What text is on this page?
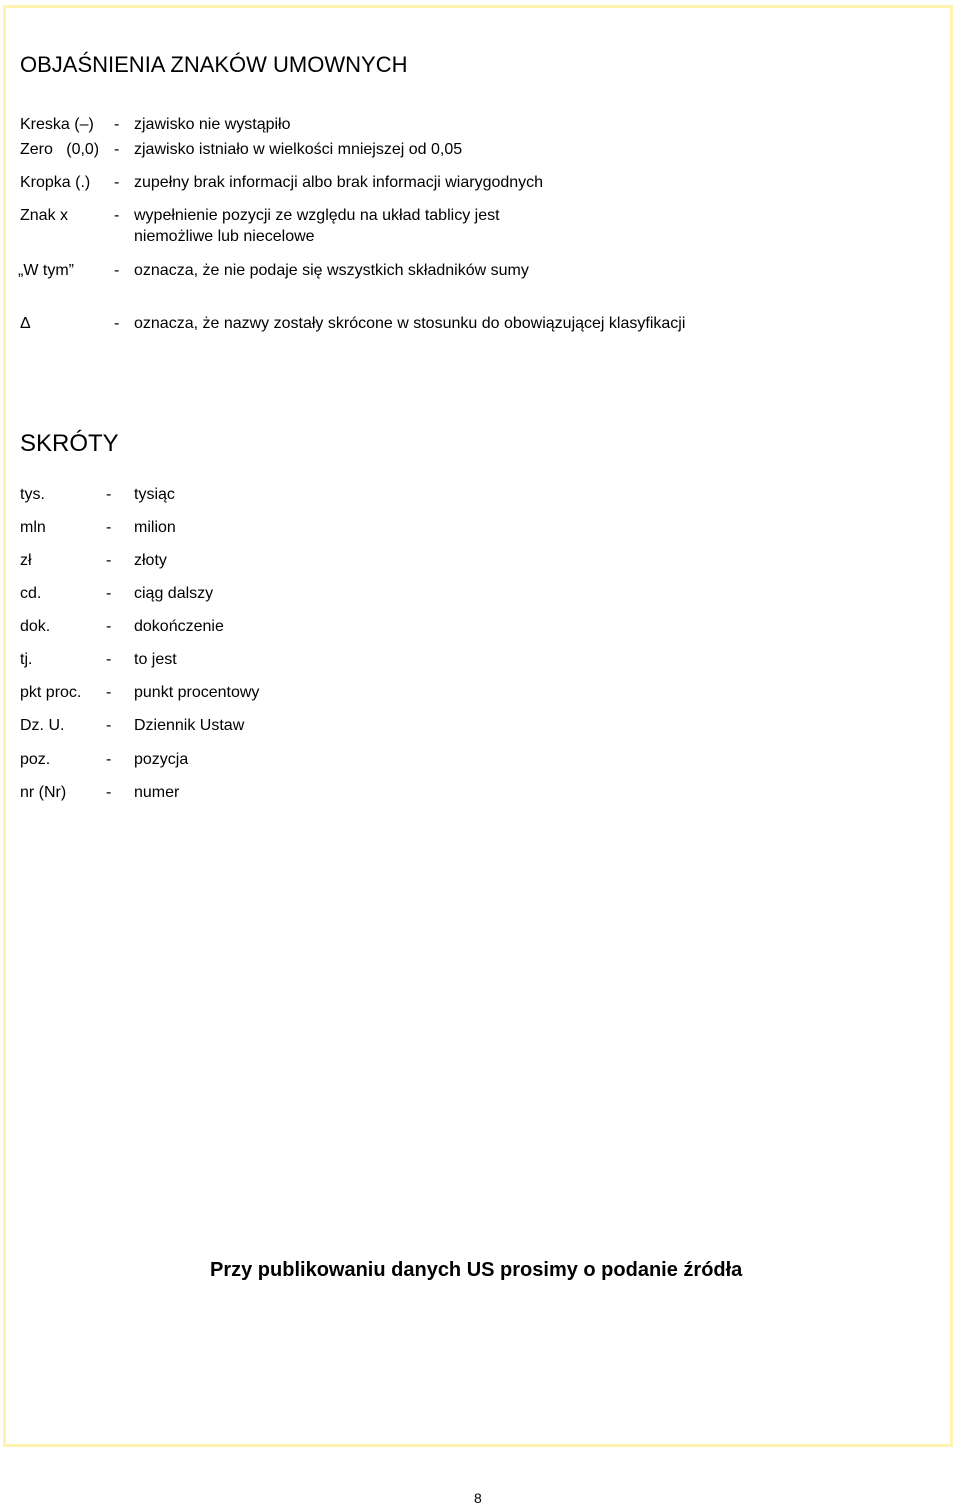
OBJAŚNIENIA ZNAKÓW UMOWNYCH
Kreska (–) - zjawisko nie wystąpiło
Zero   (0,0) - zjawisko istniało w wielkości mniejszej od 0,05
Kropka (.) - zupełny brak informacji albo brak informacji wiarygodnych
Znak x	- wypełnienie pozycji ze względu na układ tablicy jest
niemożliwe lub niecelowe
„W tym”	- oznacza, że nie podaje się wszystkich składników sumy
Δ	- oznacza, że nazwy zostały skrócone w stosunku do obowiązującej klasyfikacji
SKRÓTY
tys.	- tysiąc
mln	- milion
zł	- złoty
cd.	- ciąg dalszy
dok.	- dokończenie
tj.	- to jest
pkt proc. - punkt procentowy
Dz. U.	- Dziennik Ustaw
poz.	- pozycja
nr (Nr) - numer
Przy publikowaniu danych US prosimy o podanie źródła
8
